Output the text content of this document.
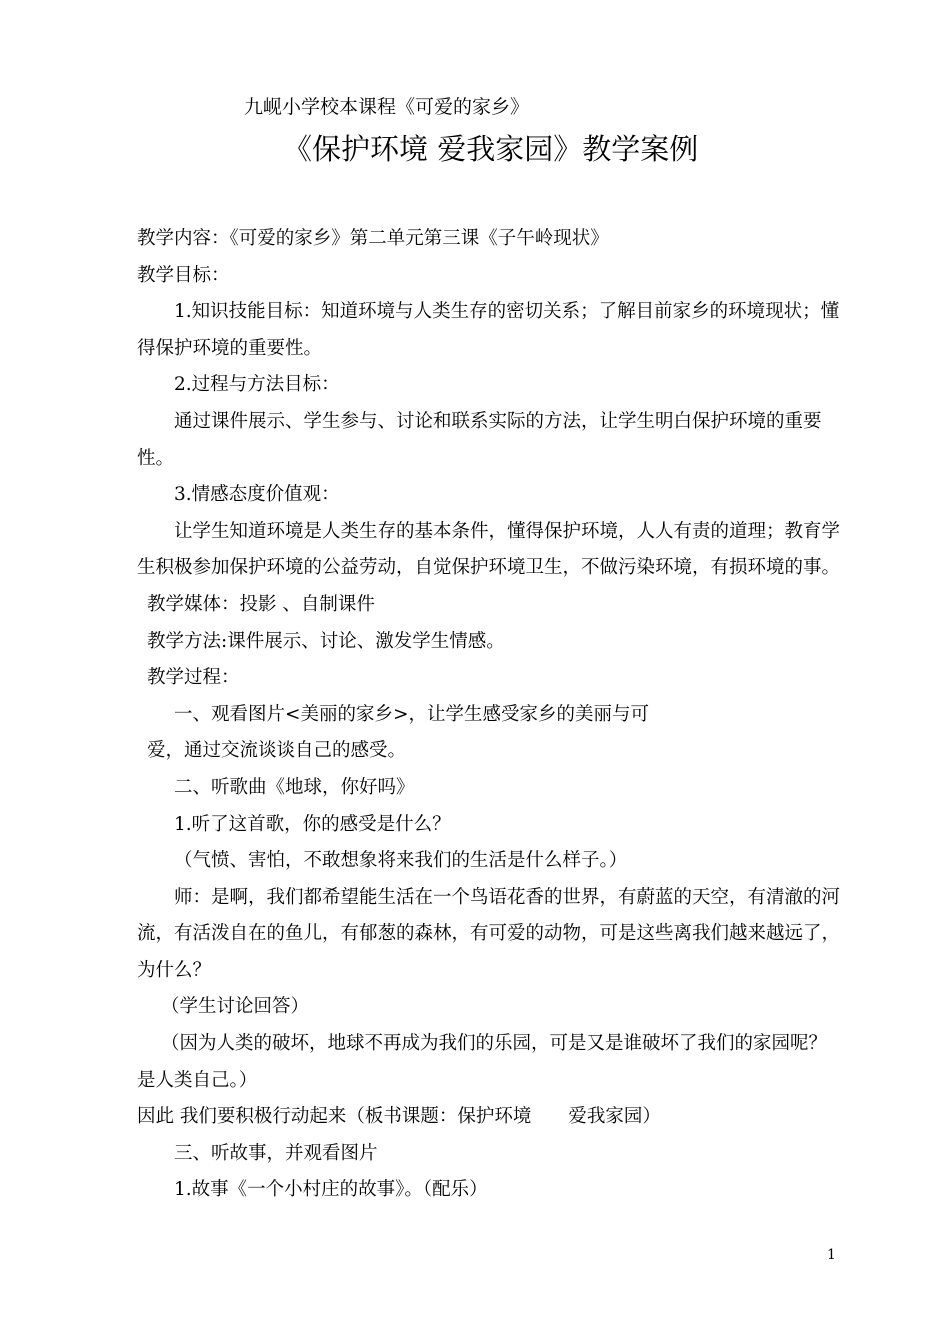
九岘小学校本课程《可爱的家乡》
《保护环境 爱我家园》教学案例

教学内容：《可爱的家乡》第二单元第三课《子午岭现状》

教学目标：

1.知识技能目标：知道环境与人类生存的密切关系；了解目前家乡的环境现状；懂得保护环境的重要性。

2.过程与方法目标：

通过课件展示、学生参与、讨论和联系实际的方法，让学生明白保护环境的重要性。

3.情感态度价值观：

让学生知道环境是人类生存的基本条件，懂得保护环境，人人有责的道理；教育学生积极参加保护环境的公益劳动，自觉保护环境卫生，不做污染环境，有损环境的事。

教学媒体：投影 、自制课件

教学方法:课件展示、讨论、激发学生情感。

教学过程：

一、观看图片<美丽的家乡>，让学生感受家乡的美丽与可

爱，通过交流谈谈自己的感受。

二、听歌曲《地球，你好吗》

1.听了这首歌，你的感受是什么？

（气愤、害怕，不敢想象将来我们的生活是什么样子。）

师：是啊，我们都希望能生活在一个鸟语花香的世界，有蔚蓝的天空，有清澈的河流，有活泼自在的鱼儿，有郁葱的森林，有可爱的动物，可是这些离我们越来越远了，为什么？

（学生讨论回答）

（因为人类的破坏，地球不再成为我们的乐园，可是又是谁破坏了我们的家园呢？是人类自己。）

因此 我们要积极行动起来（板书课题：保护环境　　爱我家园）

三、听故事，并观看图片

1.故事《一个小村庄的故事》。（配乐）

1
